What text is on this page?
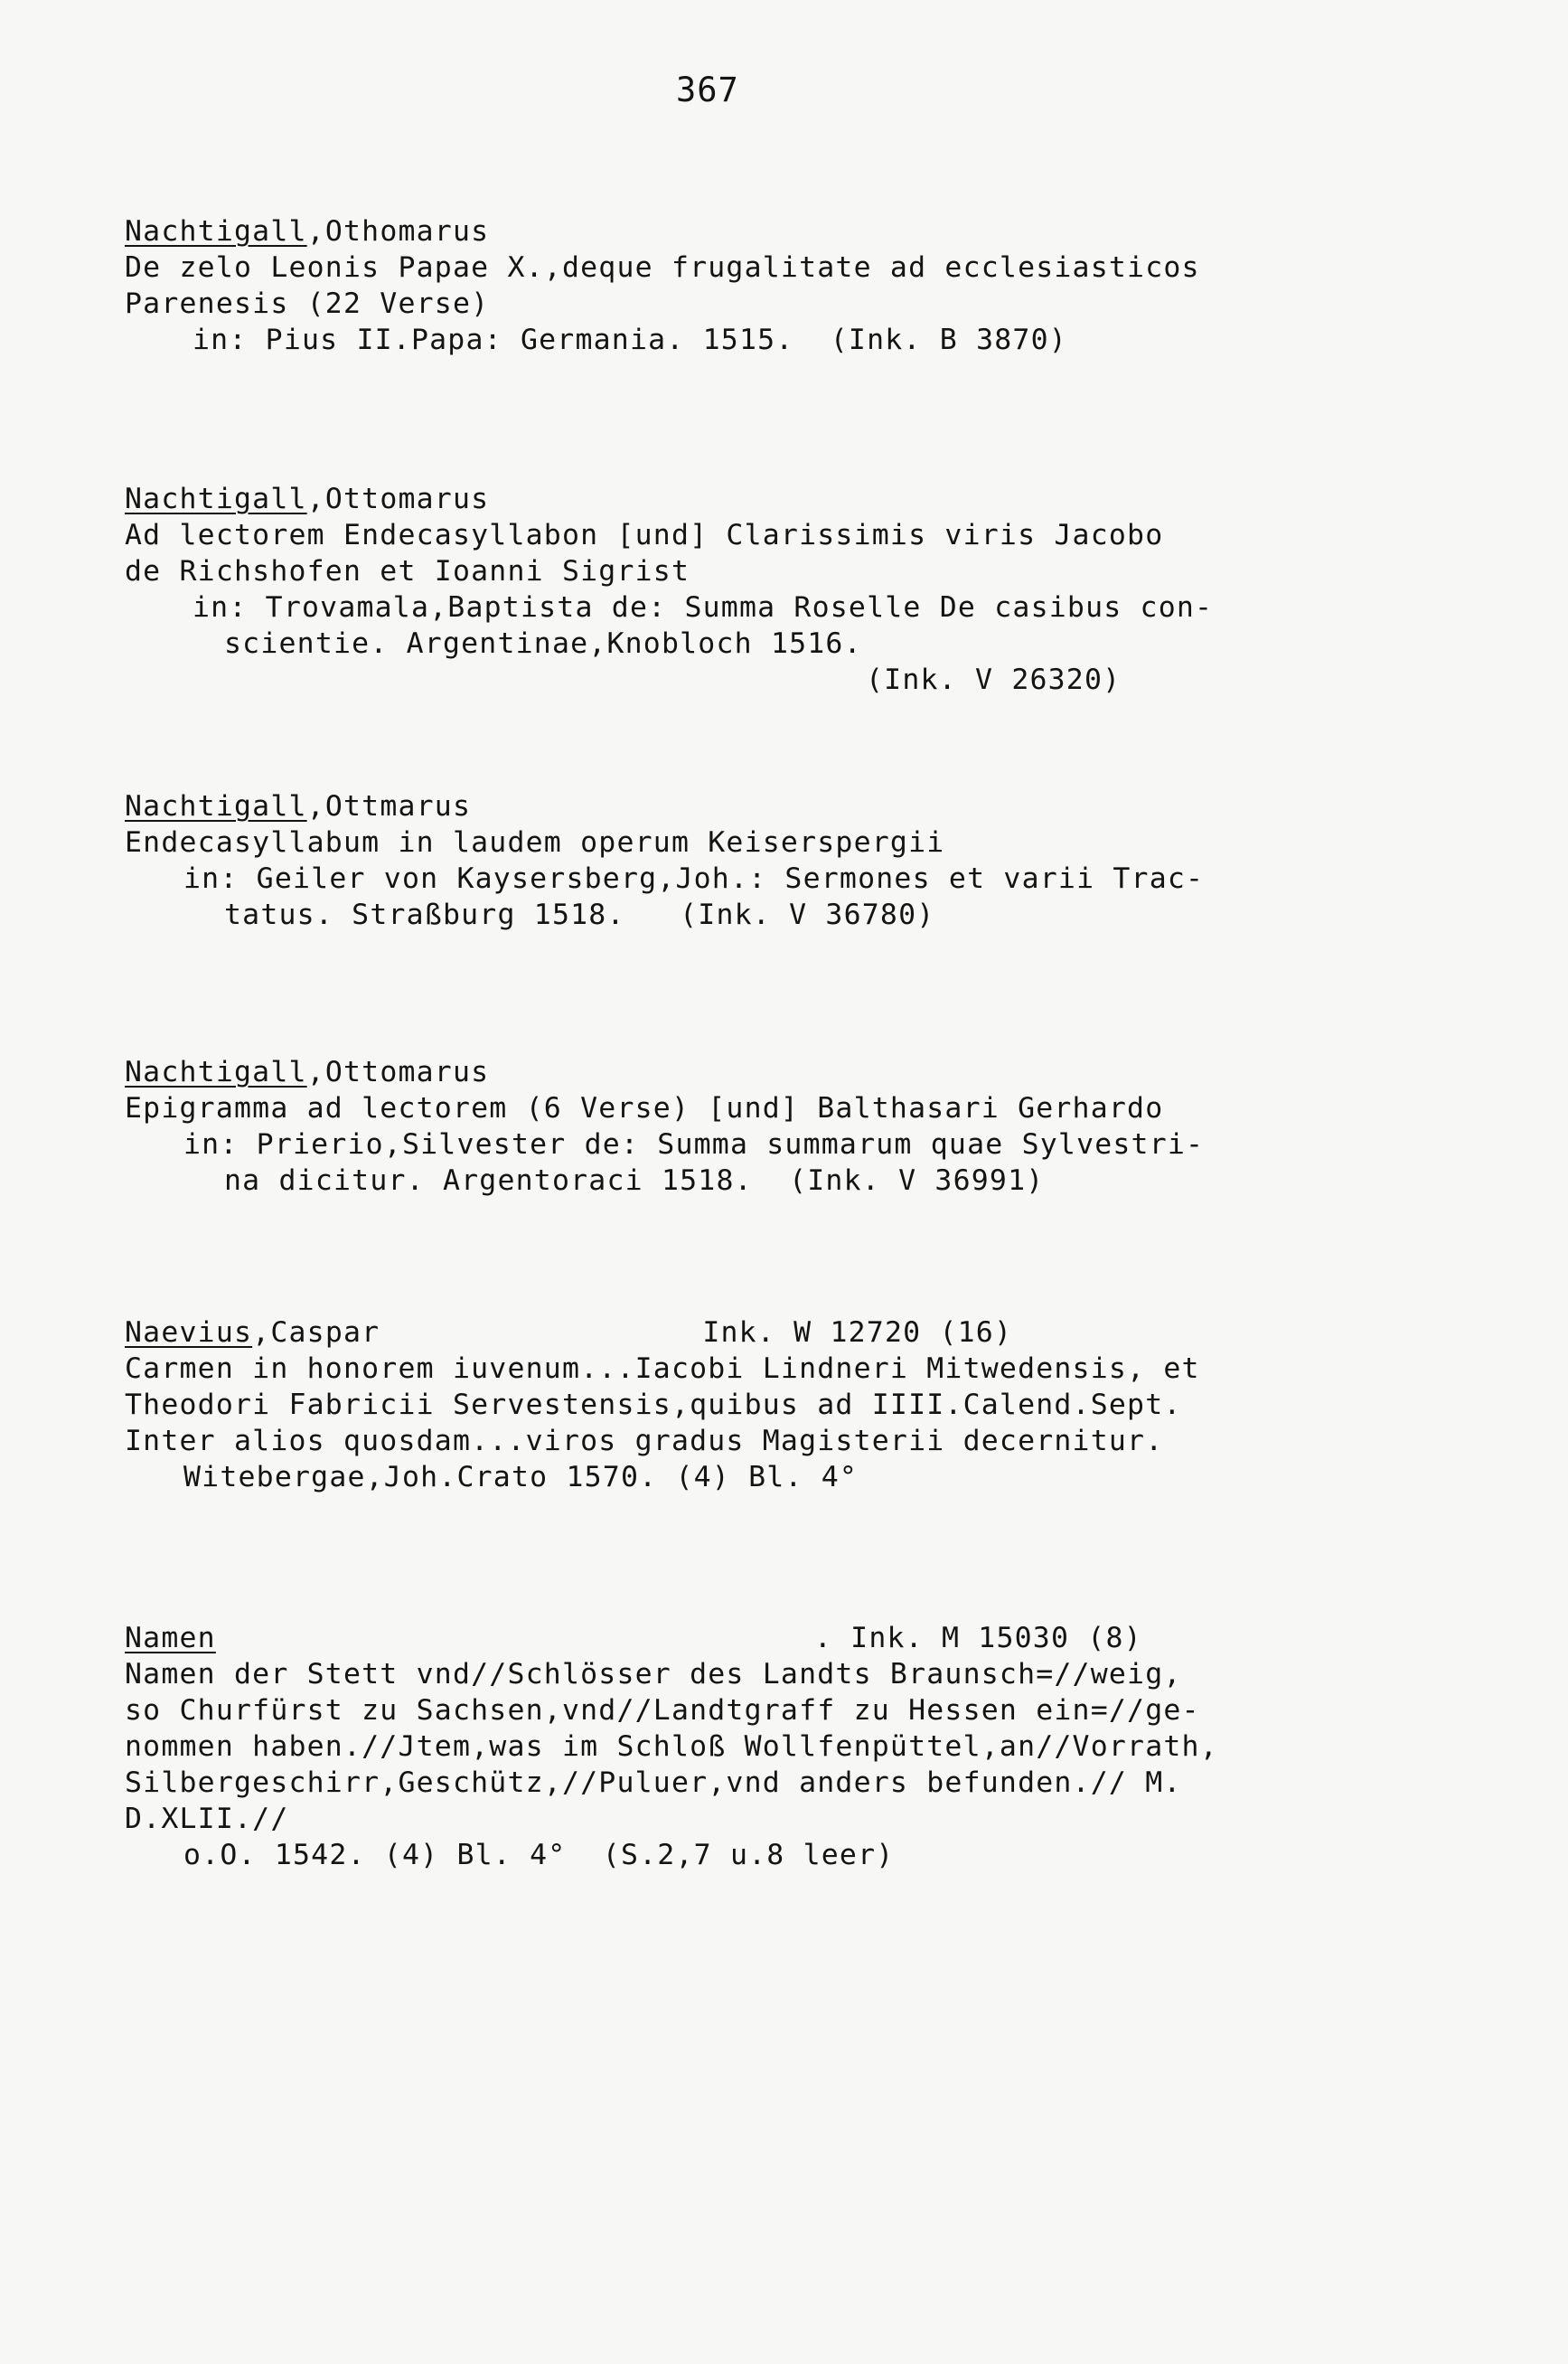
367
Nachtigall,Othomarus
De zelo Leonis Papae X.,deque frugalitate ad ecclesiasticos
Parenesis (22 Verse)
in: Pius II.Papa: Germania. 1515.  (Ink. B 3870)
Nachtigall,Ottomarus
Ad lectorem Endecasyllabon [und] Clarissimis viris Jacobo
de Richshofen et Ioanni Sigrist
in: Trovamala,Baptista de: Summa Roselle De casibus con-
scientie. Argentinae,Knobloch 1516.
(Ink. V 26320)
Nachtigall,Ottmarus
Endecasyllabum in laudem operum Keiserspergii
in: Geiler von Kaysersberg,Joh.: Sermones et varii Trac-
tatus. Straßburg 1518.   (Ink. V 36780)
Nachtigall,Ottomarus
Epigramma ad lectorem (6 Verse) [und] Balthasari Gerhardo
in: Prierio,Silvester de: Summa summarum quae Sylvestri-
na dicitur. Argentoraci 1518.  (Ink. V 36991)
Naevius,Caspar	Ink. W 12720 (16)
Carmen in honorem iuvenum...Iacobi Lindneri Mitwedensis, et
Theodori Fabricii Servestensis,quibus ad IIII.Calend.Sept.
Inter alios quosdam...viros gradus Magisterii decernitur.
Witebergae,Joh.Crato 1570. (4) Bl. 4°
Namen	. Ink. M 15030 (8)
Namen der Stett vnd//Schlösser des Landts Braunsch=//weig,
so Churfürst zu Sachsen,vnd//Landtgraff zu Hessen ein=//ge-
nommen haben.//Jtem,was im Schloß Wollfenpüttel,an//Vorrath,
Silbergeschirr,Geschütz,//Puluer,vnd anders befunden.// M.
D.XLII.//
o.O. 1542. (4) Bl. 4°  (S.2,7 u.8 leer)
